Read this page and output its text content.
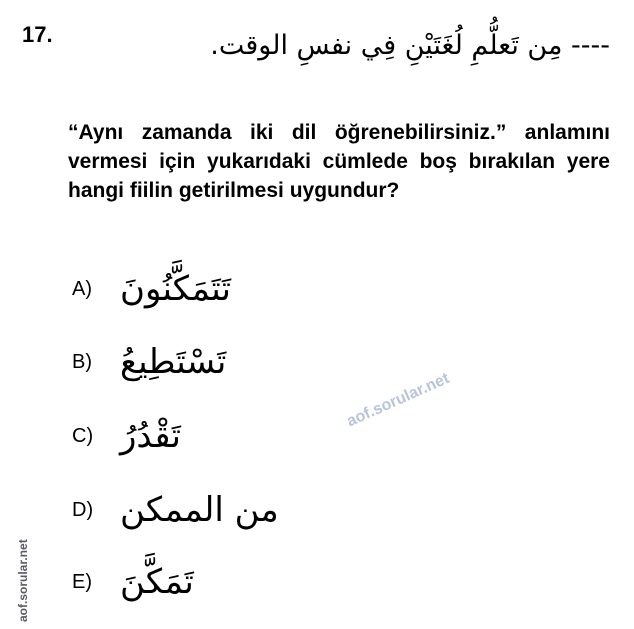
17.	---- مِن تَعلُّمِ لُغَتَيْنِ فِي نفسِ الوقت.
“Aynı zamanda iki dil öğrenebilirsiniz.” anlamını vermesi için yukarıdaki cümlede boş bırakılan yere hangi fiilin getirilmesi uygundur?
A) تَتَمَكَّنُونَ
B) تَسْتَطِيعُ
C) تَقْدُرُ
D) من الممكن
E) تَمَكَّنَ
aof.sorular.net
aof.sorular.net
